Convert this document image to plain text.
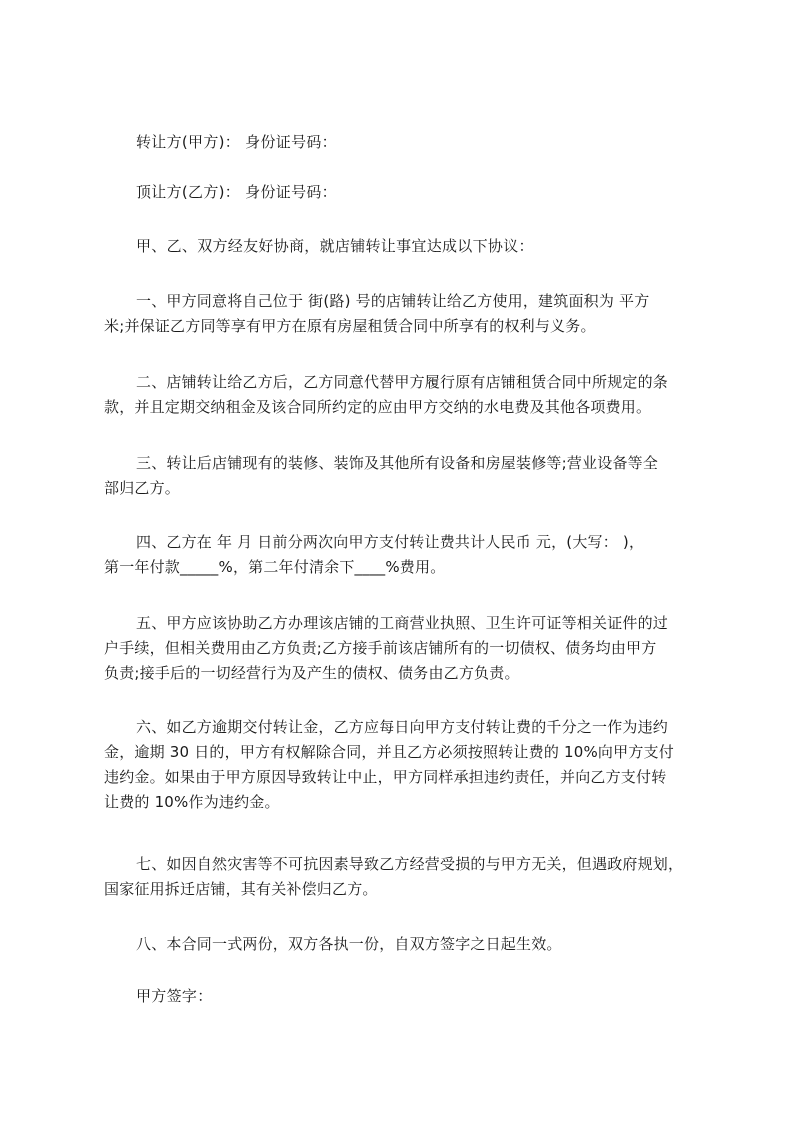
转让方(甲方)： 身份证号码：
顶让方(乙方)： 身份证号码：
甲、乙、双方经友好协商，就店铺转让事宜达成以下协议：
一、甲方同意将自己位于 街(路) 号的店铺转让给乙方使用，建筑面积为 平方
米;并保证乙方同等享有甲方在原有房屋租赁合同中所享有的权利与义务。
二、店铺转让给乙方后，乙方同意代替甲方履行原有店铺租赁合同中所规定的条
款，并且定期交纳租金及该合同所约定的应由甲方交纳的水电费及其他各项费用。
三、转让后店铺现有的装修、装饰及其他所有设备和房屋装修等;营业设备等全
部归乙方。
四、乙方在 年 月 日前分两次向甲方支付转让费共计人民币 元，(大写： )，
第一年付款_____%，第二年付清余下____%费用。
五、甲方应该协助乙方办理该店铺的工商营业执照、卫生许可证等相关证件的过
户手续，但相关费用由乙方负责;乙方接手前该店铺所有的一切债权、债务均由甲方
负责;接手后的一切经营行为及产生的债权、债务由乙方负责。
六、如乙方逾期交付转让金，乙方应每日向甲方支付转让费的千分之一作为违约
金，逾期 30 日的，甲方有权解除合同，并且乙方必须按照转让费的 10%向甲方支付
违约金。如果由于甲方原因导致转让中止，甲方同样承担违约责任，并向乙方支付转
让费的 10%作为违约金。
七、如因自然灾害等不可抗因素导致乙方经营受损的与甲方无关，但遇政府规划，
国家征用拆迁店铺，其有关补偿归乙方。
八、本合同一式两份，双方各执一份，自双方签字之日起生效。
甲方签字：
